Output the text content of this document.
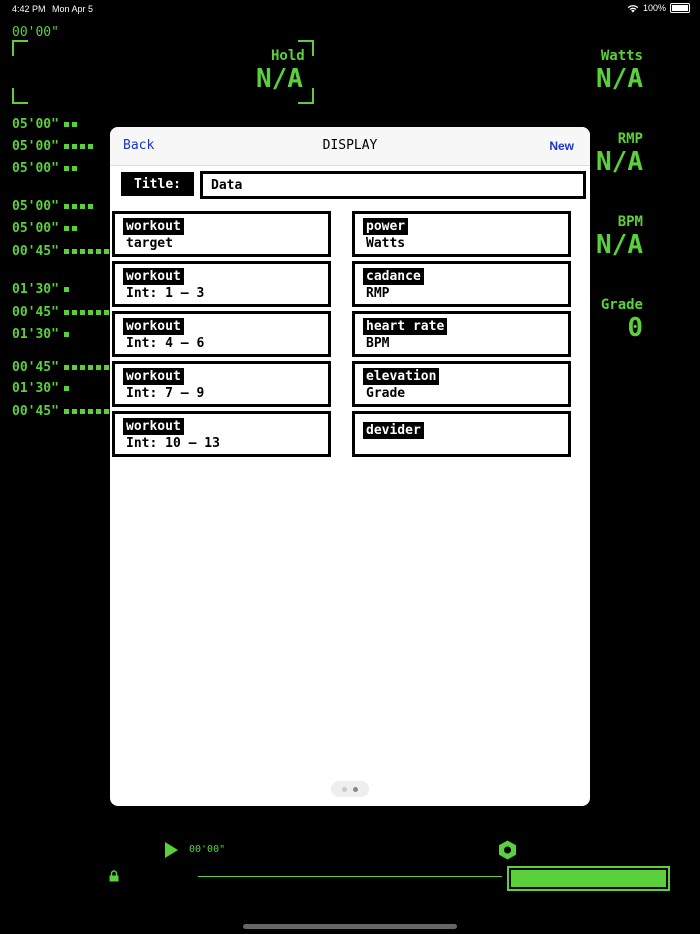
4:42 PM Mon Apr 5	100%
00'00"
Hold
N/A
Watts
N/A
RMP
N/A
BPM
N/A
Grade
0
05'00"
05'00"
05'00"
05'00"
05'00"
00'45"
01'30"
00'45"
01'30"
00'45"
01'30"
00'45"
Back	DISPLAY	New
Title:
Data
workout
target
workout
Int: 1 – 3
workout
Int: 4 – 6
workout
Int: 7 – 9
workout
Int: 10 – 13
power
Watts
cadance
RMP
heart rate
BPM
elevation
Grade
devider
00'00"
